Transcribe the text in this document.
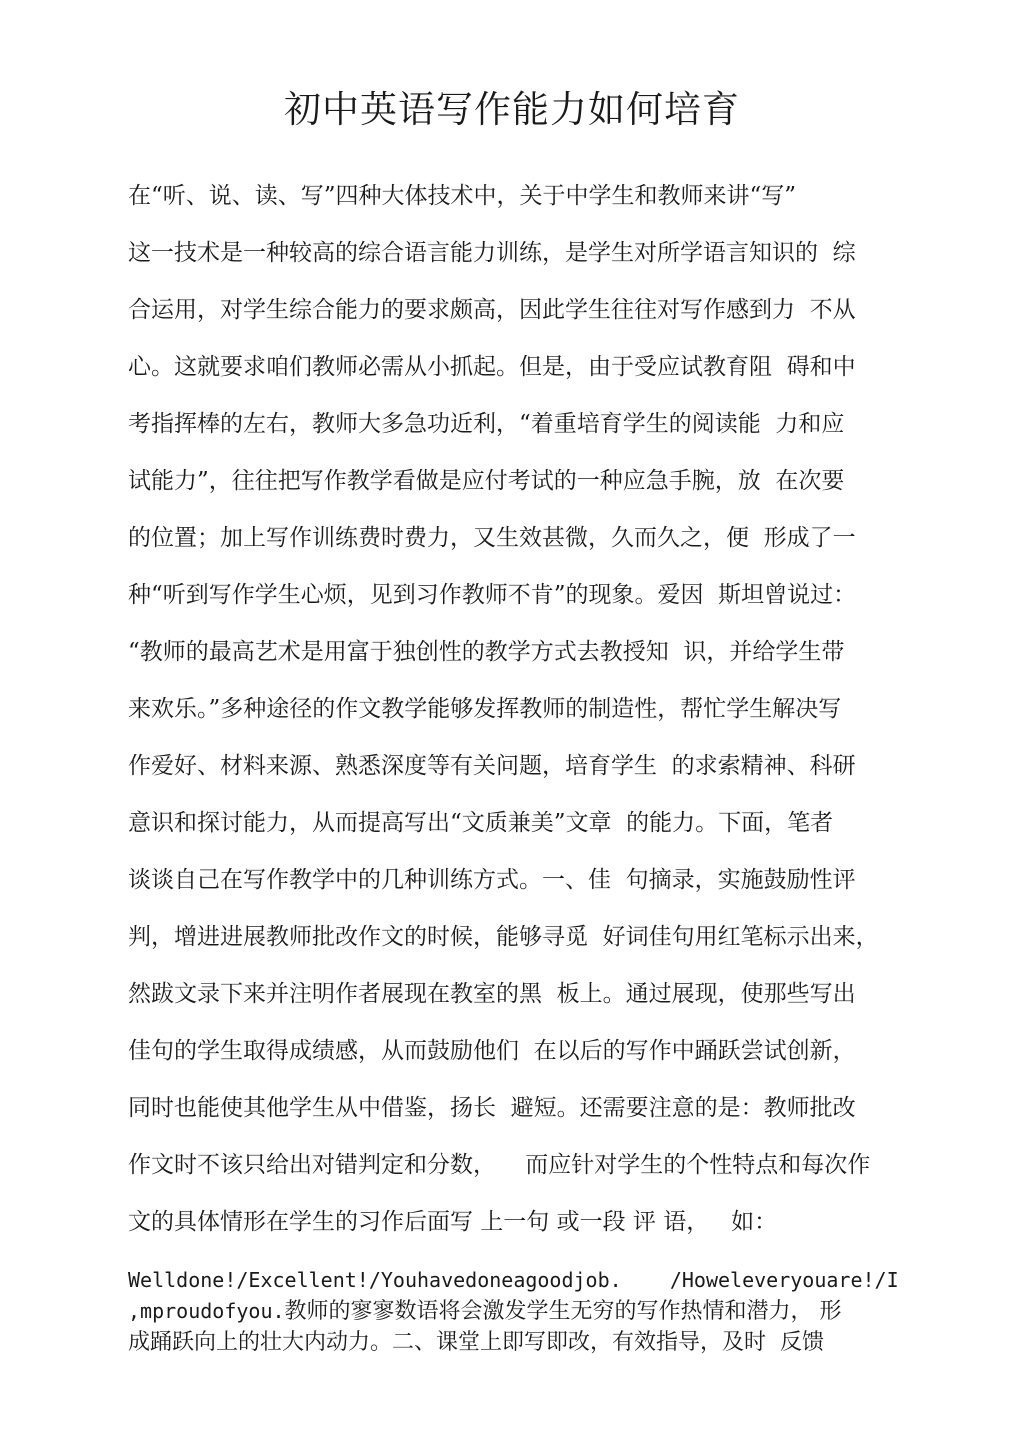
初中英语写作能力如何培育
在“听、说、读、写”四种大体技术中，关于中学生和教师来讲“写”
这一技术是一种较高的综合语言能力训练，是学生对所学语言知识的  综
合运用，对学生综合能力的要求颇高，因此学生往往对写作感到力  不从
心。这就要求咱们教师必需从小抓起。但是，由于受应试教育阻  碍和中
考指挥棒的左右，教师大多急功近利，“着重培育学生的阅读能  力和应
试能力”，往往把写作教学看做是应付考试的一种应急手腕，放  在次要
的位置；加上写作训练费时费力，又生效甚微，久而久之，便  形成了一
种“听到写作学生心烦，见到习作教师不肯”的现象。爱因  斯坦曾说过：
“教师的最高艺术是用富于独创性的教学方式去教授知  识，并给学生带
来欢乐。”多种途径的作文教学能够发挥教师的制造性，帮忙学生解决写
作爱好、材料来源、熟悉深度等有关问题，培育学生  的求索精神、科研
意识和探讨能力，从而提高写出“文质兼美”文章  的能力。下面，笔者
谈谈自己在写作教学中的几种训练方式。一、佳  句摘录，实施鼓励性评
判，增进进展教师批改作文的时候，能够寻觅  好词佳句用红笔标示出来，
然跋文录下来并注明作者展现在教室的黑  板上。通过展现，使那些写出
佳句的学生取得成绩感，从而鼓励他们  在以后的写作中踊跃尝试创新，
同时也能使其他学生从中借鉴，扬长  避短。还需要注意的是：教师批改
作文时不该只给出对错判定和分数，    而应针对学生的个性特点和每次作
文的具体情形在学生的习作后面写 上一句 或一段 评 语，   如：
Welldone!/Excellent!/Youhavedoneagoodjob.    /Howeleveryouare!/I
,mproudofyou.教师的寥寥数语将会激发学生无穷的写作热情和潜力， 形
成踊跃向上的壮大内动力。二、课堂上即写即改，有效指导，及时  反馈
